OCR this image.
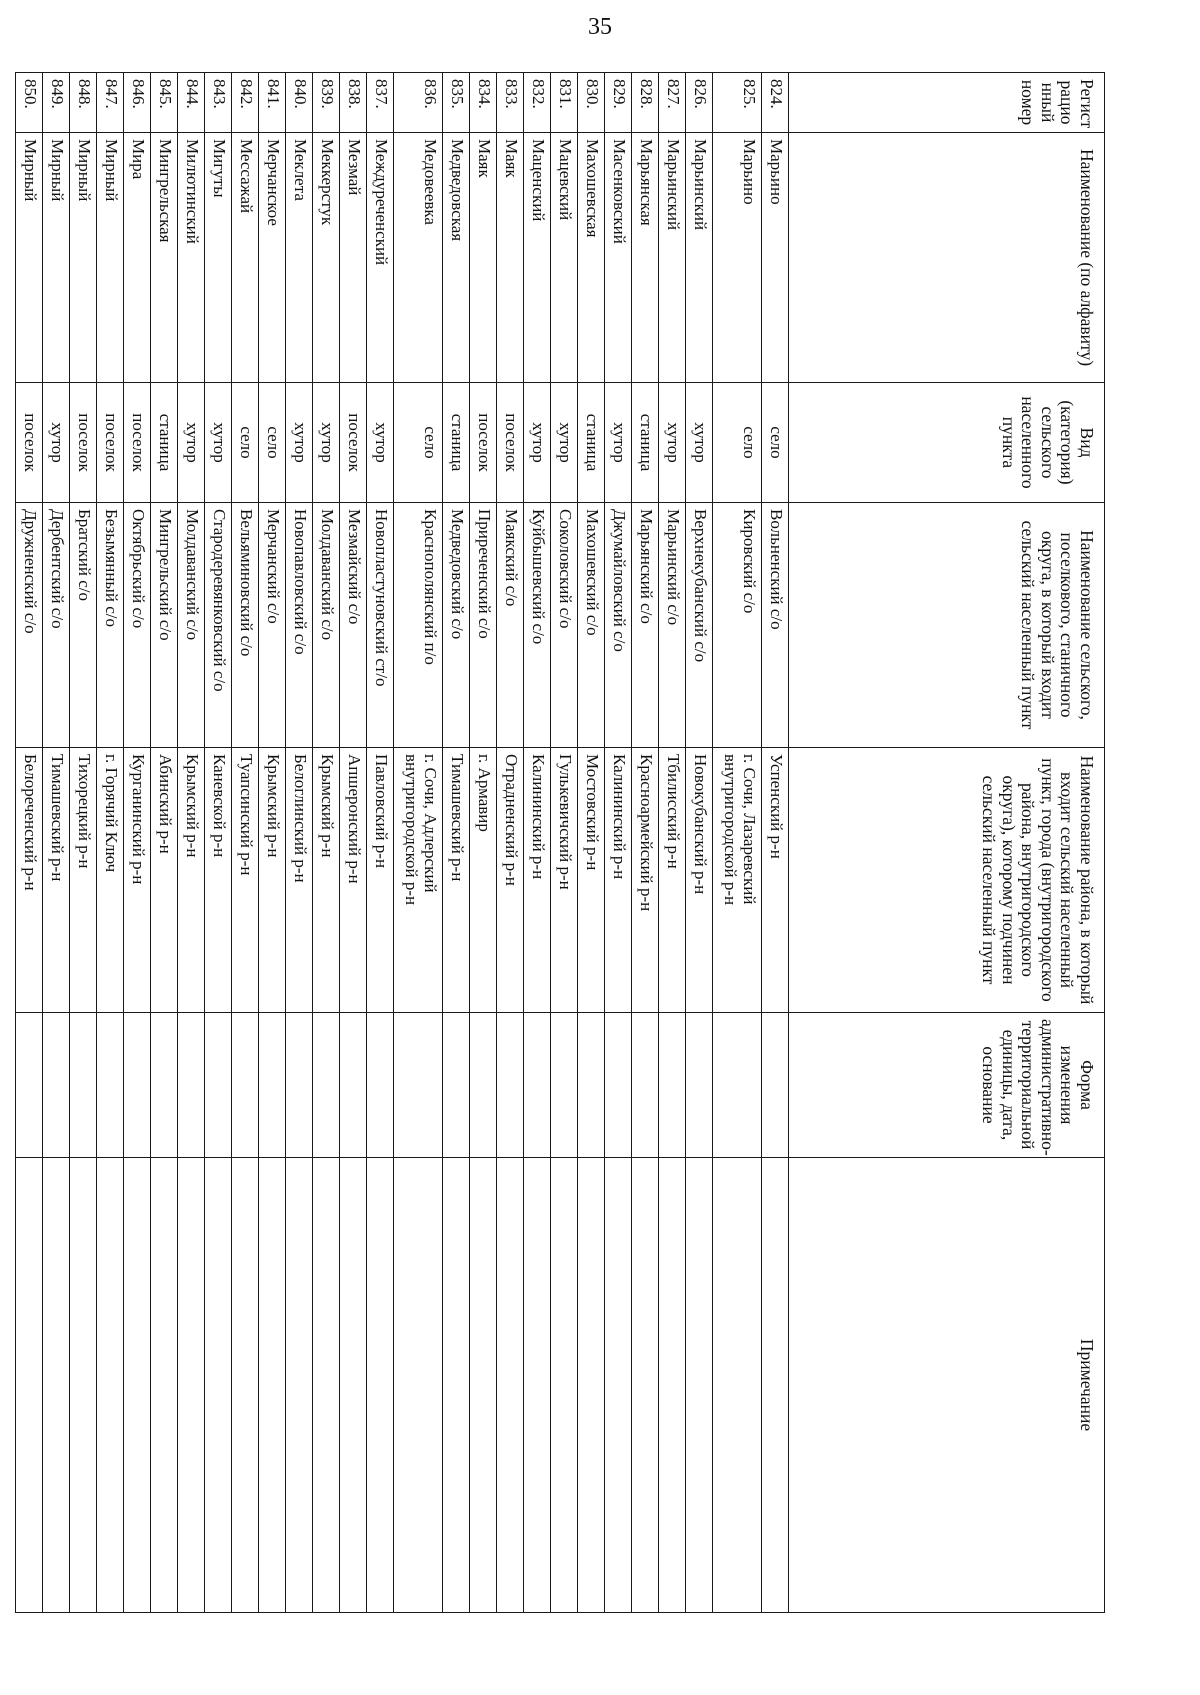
35
Регист рацио нный номер	Наименование (по алфавиту)	Вид (категория) сельского населенного пункта	Наименование сельского, поселкового, станичного округа, в который входит сельский населенный пункт	Наименование района, в который входит сельский населенный пункт, города (внутригородского района, внутригородского округа), которому подчинен сельский населенный пункт	Форма изменения административно-территориальной единицы, дата, основание	Примечание
824.	Марьино	село	Вольненский с/о	Успенский р-н		
825.	Марьино	село	Кировский с/о	г. Сочи, Лазаревский внутригородской р-н		
826.	Марьинский	хутор	Верхнекубанский с/о	Новокубанский р-н		
827.	Марьинский	хутор	Марьинский с/о	Тбилисский р-н		
828.	Марьянская	станица	Марьянский с/о	Красноармейский р-н		
829.	Масенковский	хутор	Джумайловский с/о	Калининский р-н		
830.	Махошевская	станица	Махошевский с/о	Мостовский р-н		
831.	Мацевский	хутор	Соколовский с/о	Гулькевичский р-н		
832.	Маценский	хутор	Куйбышевский с/о	Калининский р-н		
833.	Маяк	поселок	Маякский с/о	Отрадненский р-н		
834.	Маяк	поселок	Приреченский с/о	г. Армавир		
835.	Медведовская	станица	Медведовский с/о	Тимашевский р-н		
836.	Медовеевка	село	Краснополянский п/о	г. Сочи, Адлерский внутригородской р-н		
837.	Междуреченский	хутор	Новопластуновский ст/о	Павловский р-н		
838.	Мезмай	поселок	Мезмайский с/о	Апшеронский р-н		
839.	Меккерстук	хутор	Молдаванский с/о	Крымский р-н		
840.	Меклета	хутор	Новопавловский с/о	Белоглинский р-н		
841.	Мерчанское	село	Мерчанский с/о	Крымский р-н		
842.	Мессажай	село	Вельяминовский с/о	Туапсинский р-н		
843.	Мигуты	хутор	Стародеревянковский с/о	Каневской р-н		
844.	Милютинский	хутор	Молдаванский с/о	Крымский р-н		
845.	Мингрельская	станица	Мингрельский с/о	Абинский р-н		
846.	Мира	поселок	Октябрьский с/о	Курганинский р-н		
847.	Мирный	поселок	Безымянный с/о	г. Горячий Ключ		
848.	Мирный	поселок	Братский с/о	Тихорецкий р-н		
849.	Мирный	хутор	Дербентский с/о	Тимашевский р-н		
850.	Мирный	поселок	Дружненский с/о	Белореченский р-н		
